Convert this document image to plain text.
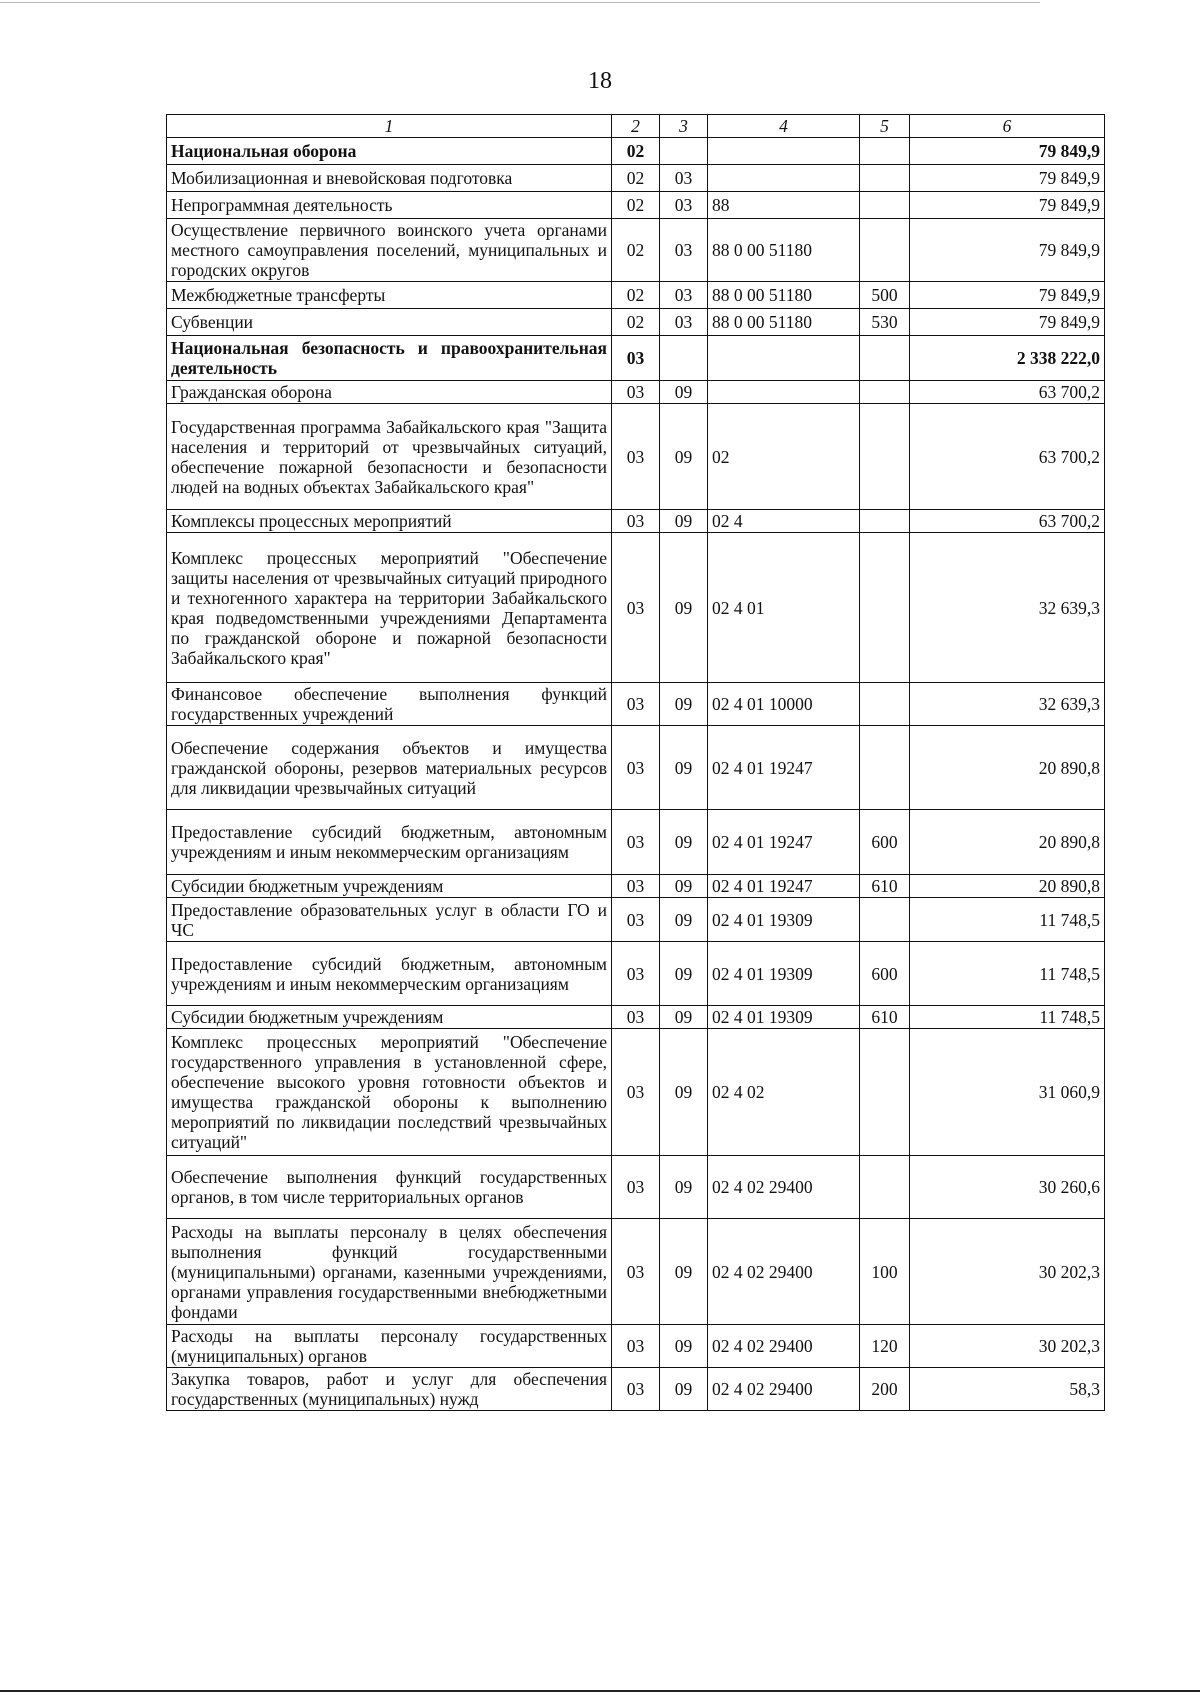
18
1	2	3	4	5	6
Национальная оборона	02				79 849,9
Мобилизационная и вневойсковая подготовка	02	03			79 849,9
Непрограммная деятельность	02	03	88		79 849,9
Осуществление первичного воинского учета органами местного самоуправления поселений, муниципальных и городских округов	02	03	88 0 00 51180		79 849,9
Межбюджетные трансферты	02	03	88 0 00 51180	500	79 849,9
Субвенции	02	03	88 0 00 51180	530	79 849,9
Национальная безопасность и правоохранительная деятельность	03				2 338 222,0
Гражданская оборона	03	09			63 700,2
Государственная программа Забайкальского края "Защита населения и территорий от чрезвычайных ситуаций, обеспечение пожарной безопасности и безопасности людей на водных объектах Забайкальского края"	03	09	02		63 700,2
Комплексы процессных мероприятий	03	09	02 4		63 700,2
Комплекс процессных мероприятий "Обеспечение защиты населения от чрезвычайных ситуаций природного и техногенного характера на территории Забайкальского края подведомственными учреждениями Департамента по гражданской обороне и пожарной безопасности Забайкальского края"	03	09	02 4 01		32 639,3
Финансовое обеспечение выполнения функций государственных учреждений	03	09	02 4 01 10000		32 639,3
Обеспечение содержания объектов и имущества гражданской обороны, резервов материальных ресурсов для ликвидации чрезвычайных ситуаций	03	09	02 4 01 19247		20 890,8
Предоставление субсидий бюджетным, автономным учреждениям и иным некоммерческим организациям	03	09	02 4 01 19247	600	20 890,8
Субсидии бюджетным учреждениям	03	09	02 4 01 19247	610	20 890,8
Предоставление образовательных услуг в области ГО и ЧС	03	09	02 4 01 19309		11 748,5
Предоставление субсидий бюджетным, автономным учреждениям и иным некоммерческим организациям	03	09	02 4 01 19309	600	11 748,5
Субсидии бюджетным учреждениям	03	09	02 4 01 19309	610	11 748,5
Комплекс процессных мероприятий "Обеспечение государственного управления в установленной сфере, обеспечение высокого уровня готовности объектов и имущества гражданской обороны к выполнению мероприятий по ликвидации последствий чрезвычайных ситуаций"	03	09	02 4 02		31 060,9
Обеспечение выполнения функций государственных органов, в том числе территориальных органов	03	09	02 4 02 29400		30 260,6
Расходы на выплаты персоналу в целях обеспечения выполнения функций государственными (муниципальными) органами, казенными учреждениями, органами управления государственными внебюджетными фондами	03	09	02 4 02 29400	100	30 202,3
Расходы на выплаты персоналу государственных (муниципальных) органов	03	09	02 4 02 29400	120	30 202,3
Закупка товаров, работ и услуг для обеспечения государственных (муниципальных) нужд	03	09	02 4 02 29400	200	58,3
